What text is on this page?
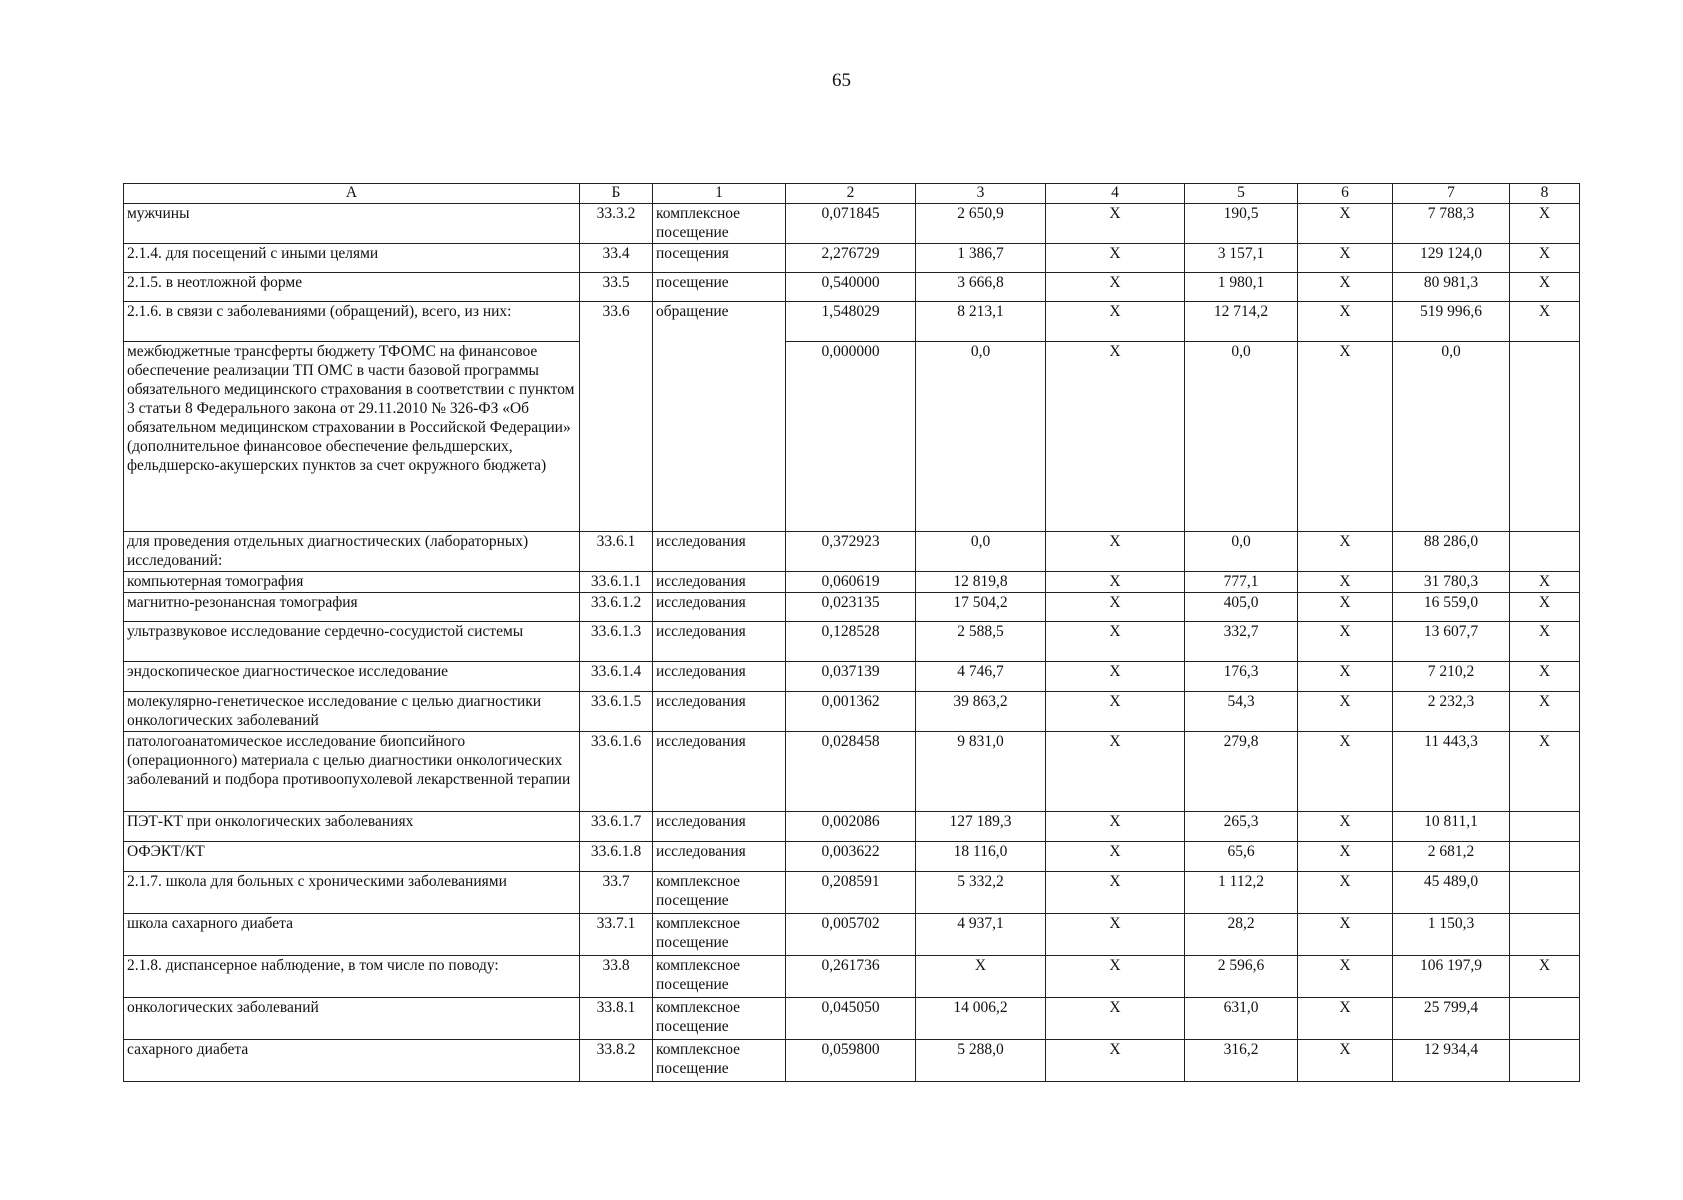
65
А	Б	1	2	3	4	5	6	7	8
мужчины	33.3.2	комплексное посещение	0,071845	2 650,9	Х	190,5	Х	7 788,3	Х
2.1.4. для посещений с иными целями	33.4	посещения	2,276729	1 386,7	Х	3 157,1	Х	129 124,0	Х
2.1.5. в неотложной форме	33.5	посещение	0,540000	3 666,8	Х	1 980,1	Х	80 981,3	Х
2.1.6. в связи с заболеваниями (обращений), всего, из них:	33.6	обращение	1,548029	8 213,1	Х	12 714,2	Х	519 996,6	Х
межбюджетные трансферты бюджету ТФОМС на финансовое обеспечение реализации ТП ОМС в части базовой программы обязательного медицинского страхования в соответствии с пунктом 3 статьи 8 Федерального закона от 29.11.2010 № 326-ФЗ «Об обязательном медицинском страховании в Российской Федерации» (дополнительное финансовое обеспечение фельдшерских, фельдшерско-акушерских пунктов за счет окружного бюджета)			0,000000	0,0	Х	0,0	Х	0,0	
для проведения отдельных диагностических (лабораторных) исследований:	33.6.1	исследования	0,372923	0,0	Х	0,0	Х	88 286,0	
компьютерная томография	33.6.1.1	исследования	0,060619	12 819,8	Х	777,1	Х	31 780,3	Х
магнитно-резонансная томография	33.6.1.2	исследования	0,023135	17 504,2	Х	405,0	Х	16 559,0	Х
ультразвуковое исследование сердечно-сосудистой системы	33.6.1.3	исследования	0,128528	2 588,5	Х	332,7	Х	13 607,7	Х
эндоскопическое диагностическое исследование	33.6.1.4	исследования	0,037139	4 746,7	Х	176,3	Х	7 210,2	Х
молекулярно-генетическое исследование с целью диагностики онкологических заболеваний	33.6.1.5	исследования	0,001362	39 863,2	Х	54,3	Х	2 232,3	Х
патологоанатомическое исследование биопсийного (операционного) материала с целью диагностики онкологических заболеваний и подбора противоопухолевой лекарственной терапии	33.6.1.6	исследования	0,028458	9 831,0	Х	279,8	Х	11 443,3	Х
ПЭТ-КТ при онкологических заболеваниях	33.6.1.7	исследования	0,002086	127 189,3	Х	265,3	Х	10 811,1	
ОФЭКТ/КТ	33.6.1.8	исследования	0,003622	18 116,0	Х	65,6	Х	2 681,2	
2.1.7. школа для больных с хроническими заболеваниями	33.7	комплексное посещение	0,208591	5 332,2	Х	1 112,2	Х	45 489,0	
школа сахарного диабета	33.7.1	комплексное посещение	0,005702	4 937,1	Х	28,2	Х	1 150,3	
2.1.8. диспансерное наблюдение, в том числе по поводу:	33.8	комплексное посещение	0,261736	Х	Х	2 596,6	Х	106 197,9	Х
онкологических заболеваний	33.8.1	комплексное посещение	0,045050	14 006,2	Х	631,0	Х	25 799,4	
сахарного диабета	33.8.2	комплексное посещение	0,059800	5 288,0	Х	316,2	Х	12 934,4	
